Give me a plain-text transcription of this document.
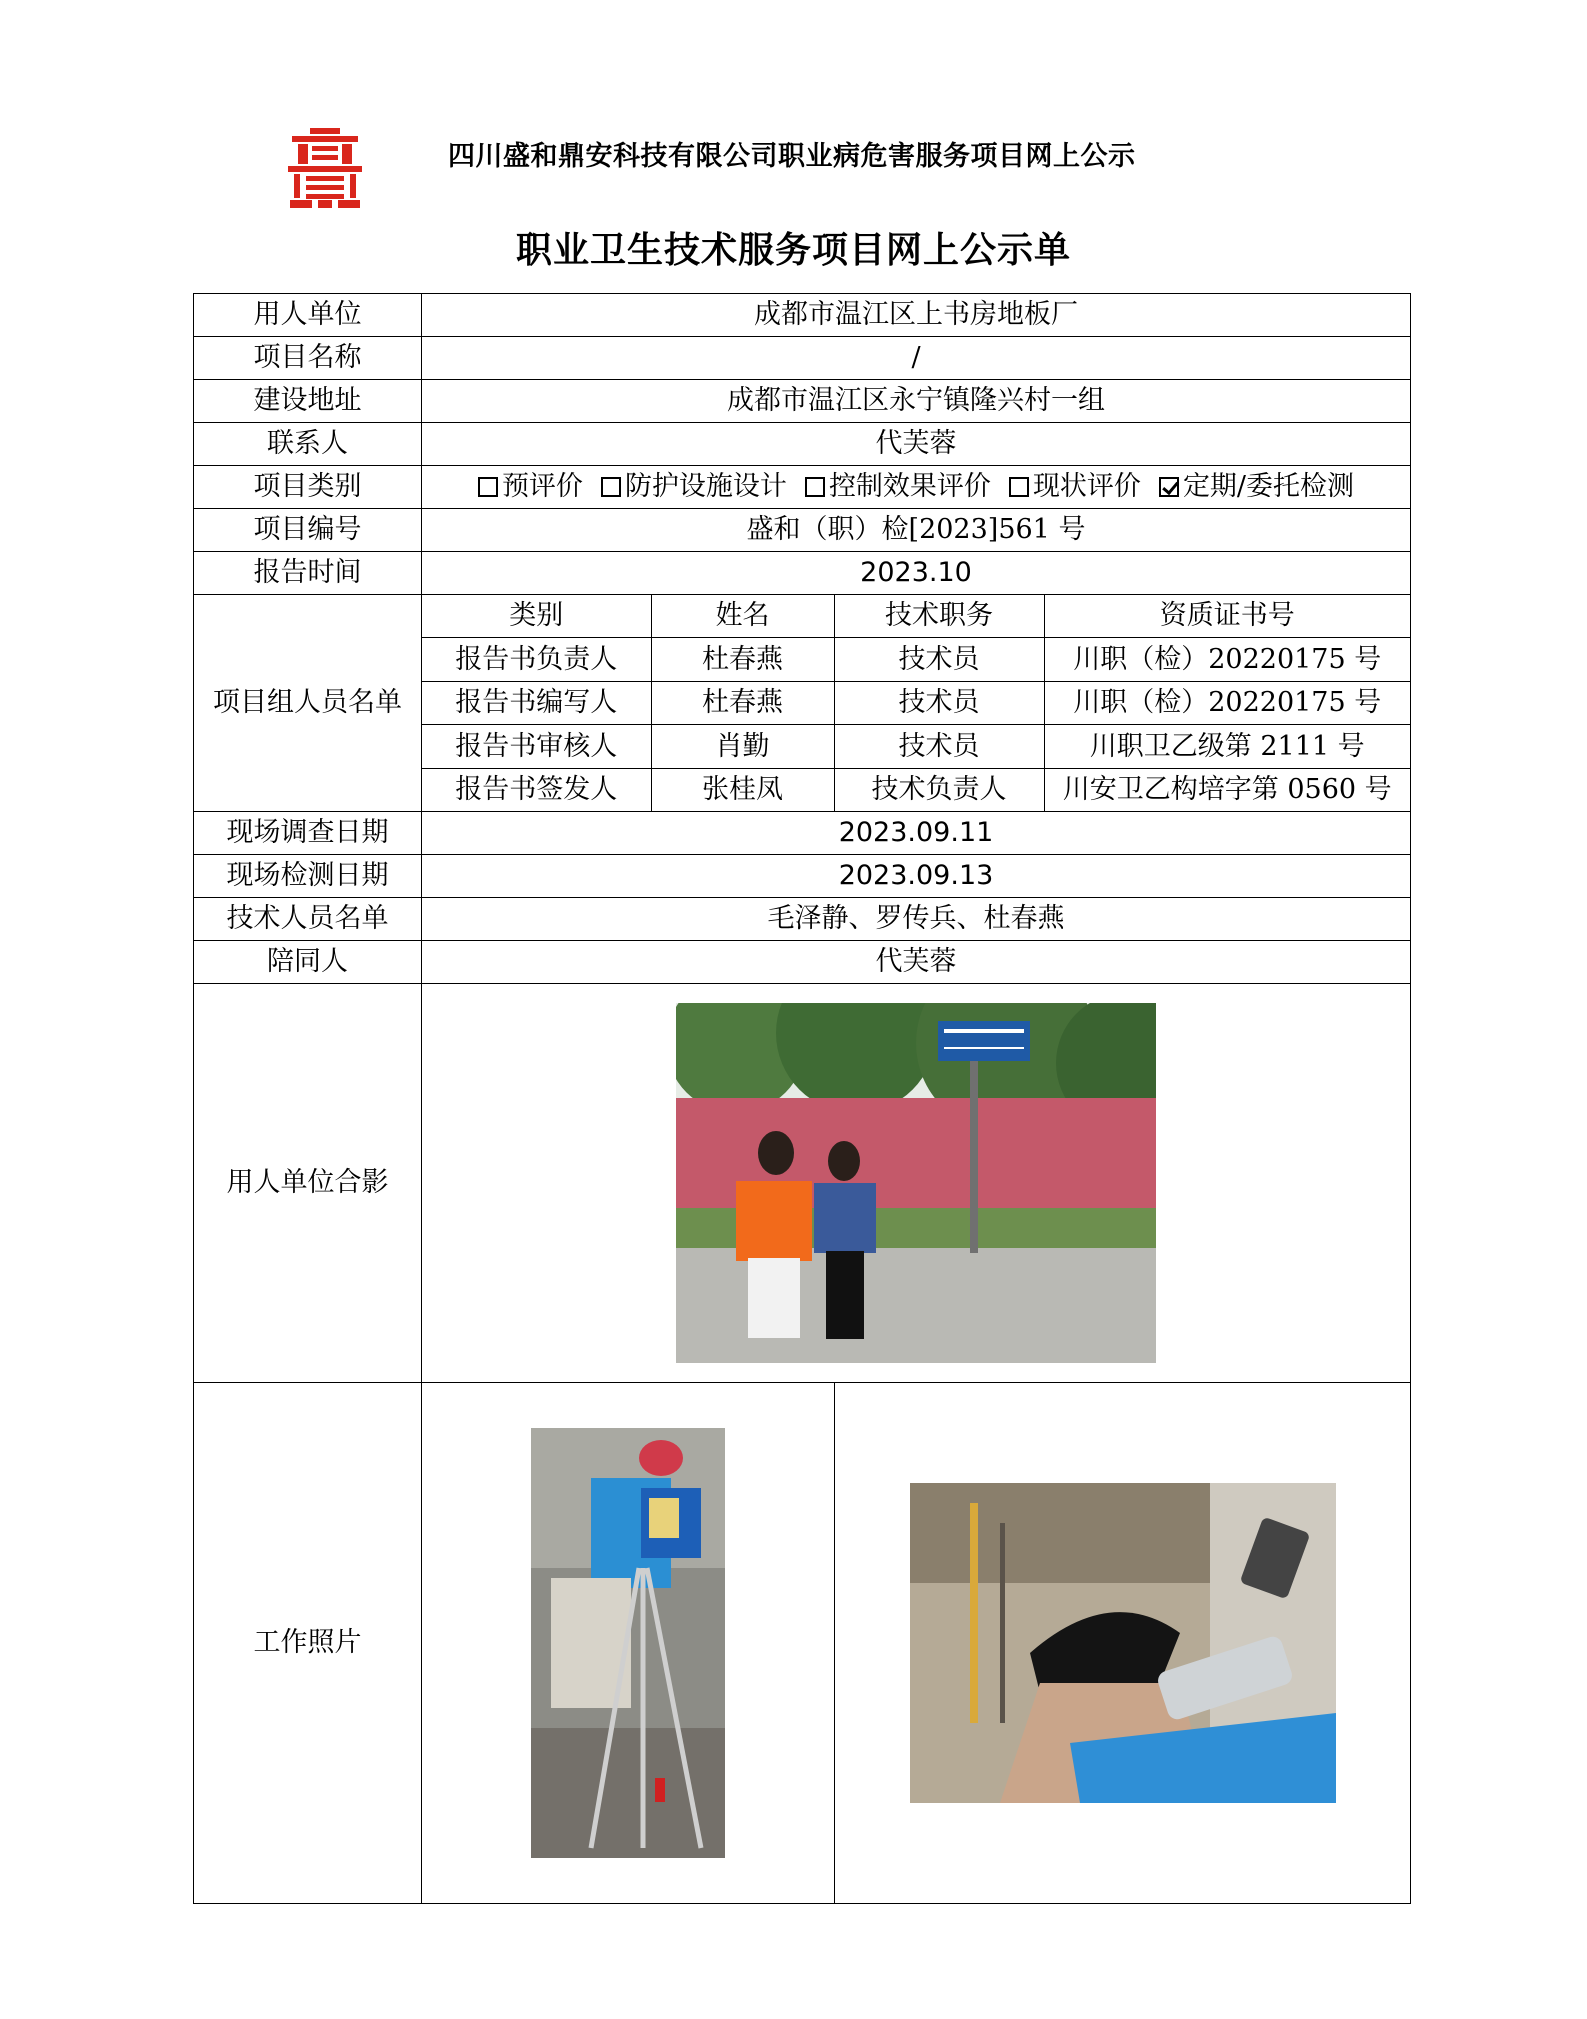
四川盛和鼎安科技有限公司职业病危害服务项目网上公示
职业卫生技术服务项目网上公示单
用人单位	成都市温江区上书房地板厂
项目名称	/
建设地址	成都市温江区永宁镇隆兴村一组
联系人	代芙蓉
项目类别	预评价 防护设施设计 控制效果评价 现状评价 定期/委托检测
项目编号	盛和（职）检[2023]561 号
报告时间	2023.10
项目组人员名单	
类别	姓名	技术职务	资质证书号
报告书负责人	杜春燕	技术员	川职（检）20220175 号
报告书编写人	杜春燕	技术员	川职（检）20220175 号
报告书审核人	肖勤	技术员	川职卫乙级第 2111 号
报告书签发人	张桂凤	技术负责人	川安卫乙构培字第 0560 号

现场调查日期	2023.09.11
现场检测日期	2023.09.13
技术人员名单	毛泽静、罗传兵、杜春燕
陪同人	代芙蓉
用人单位合影	

工作照片	
